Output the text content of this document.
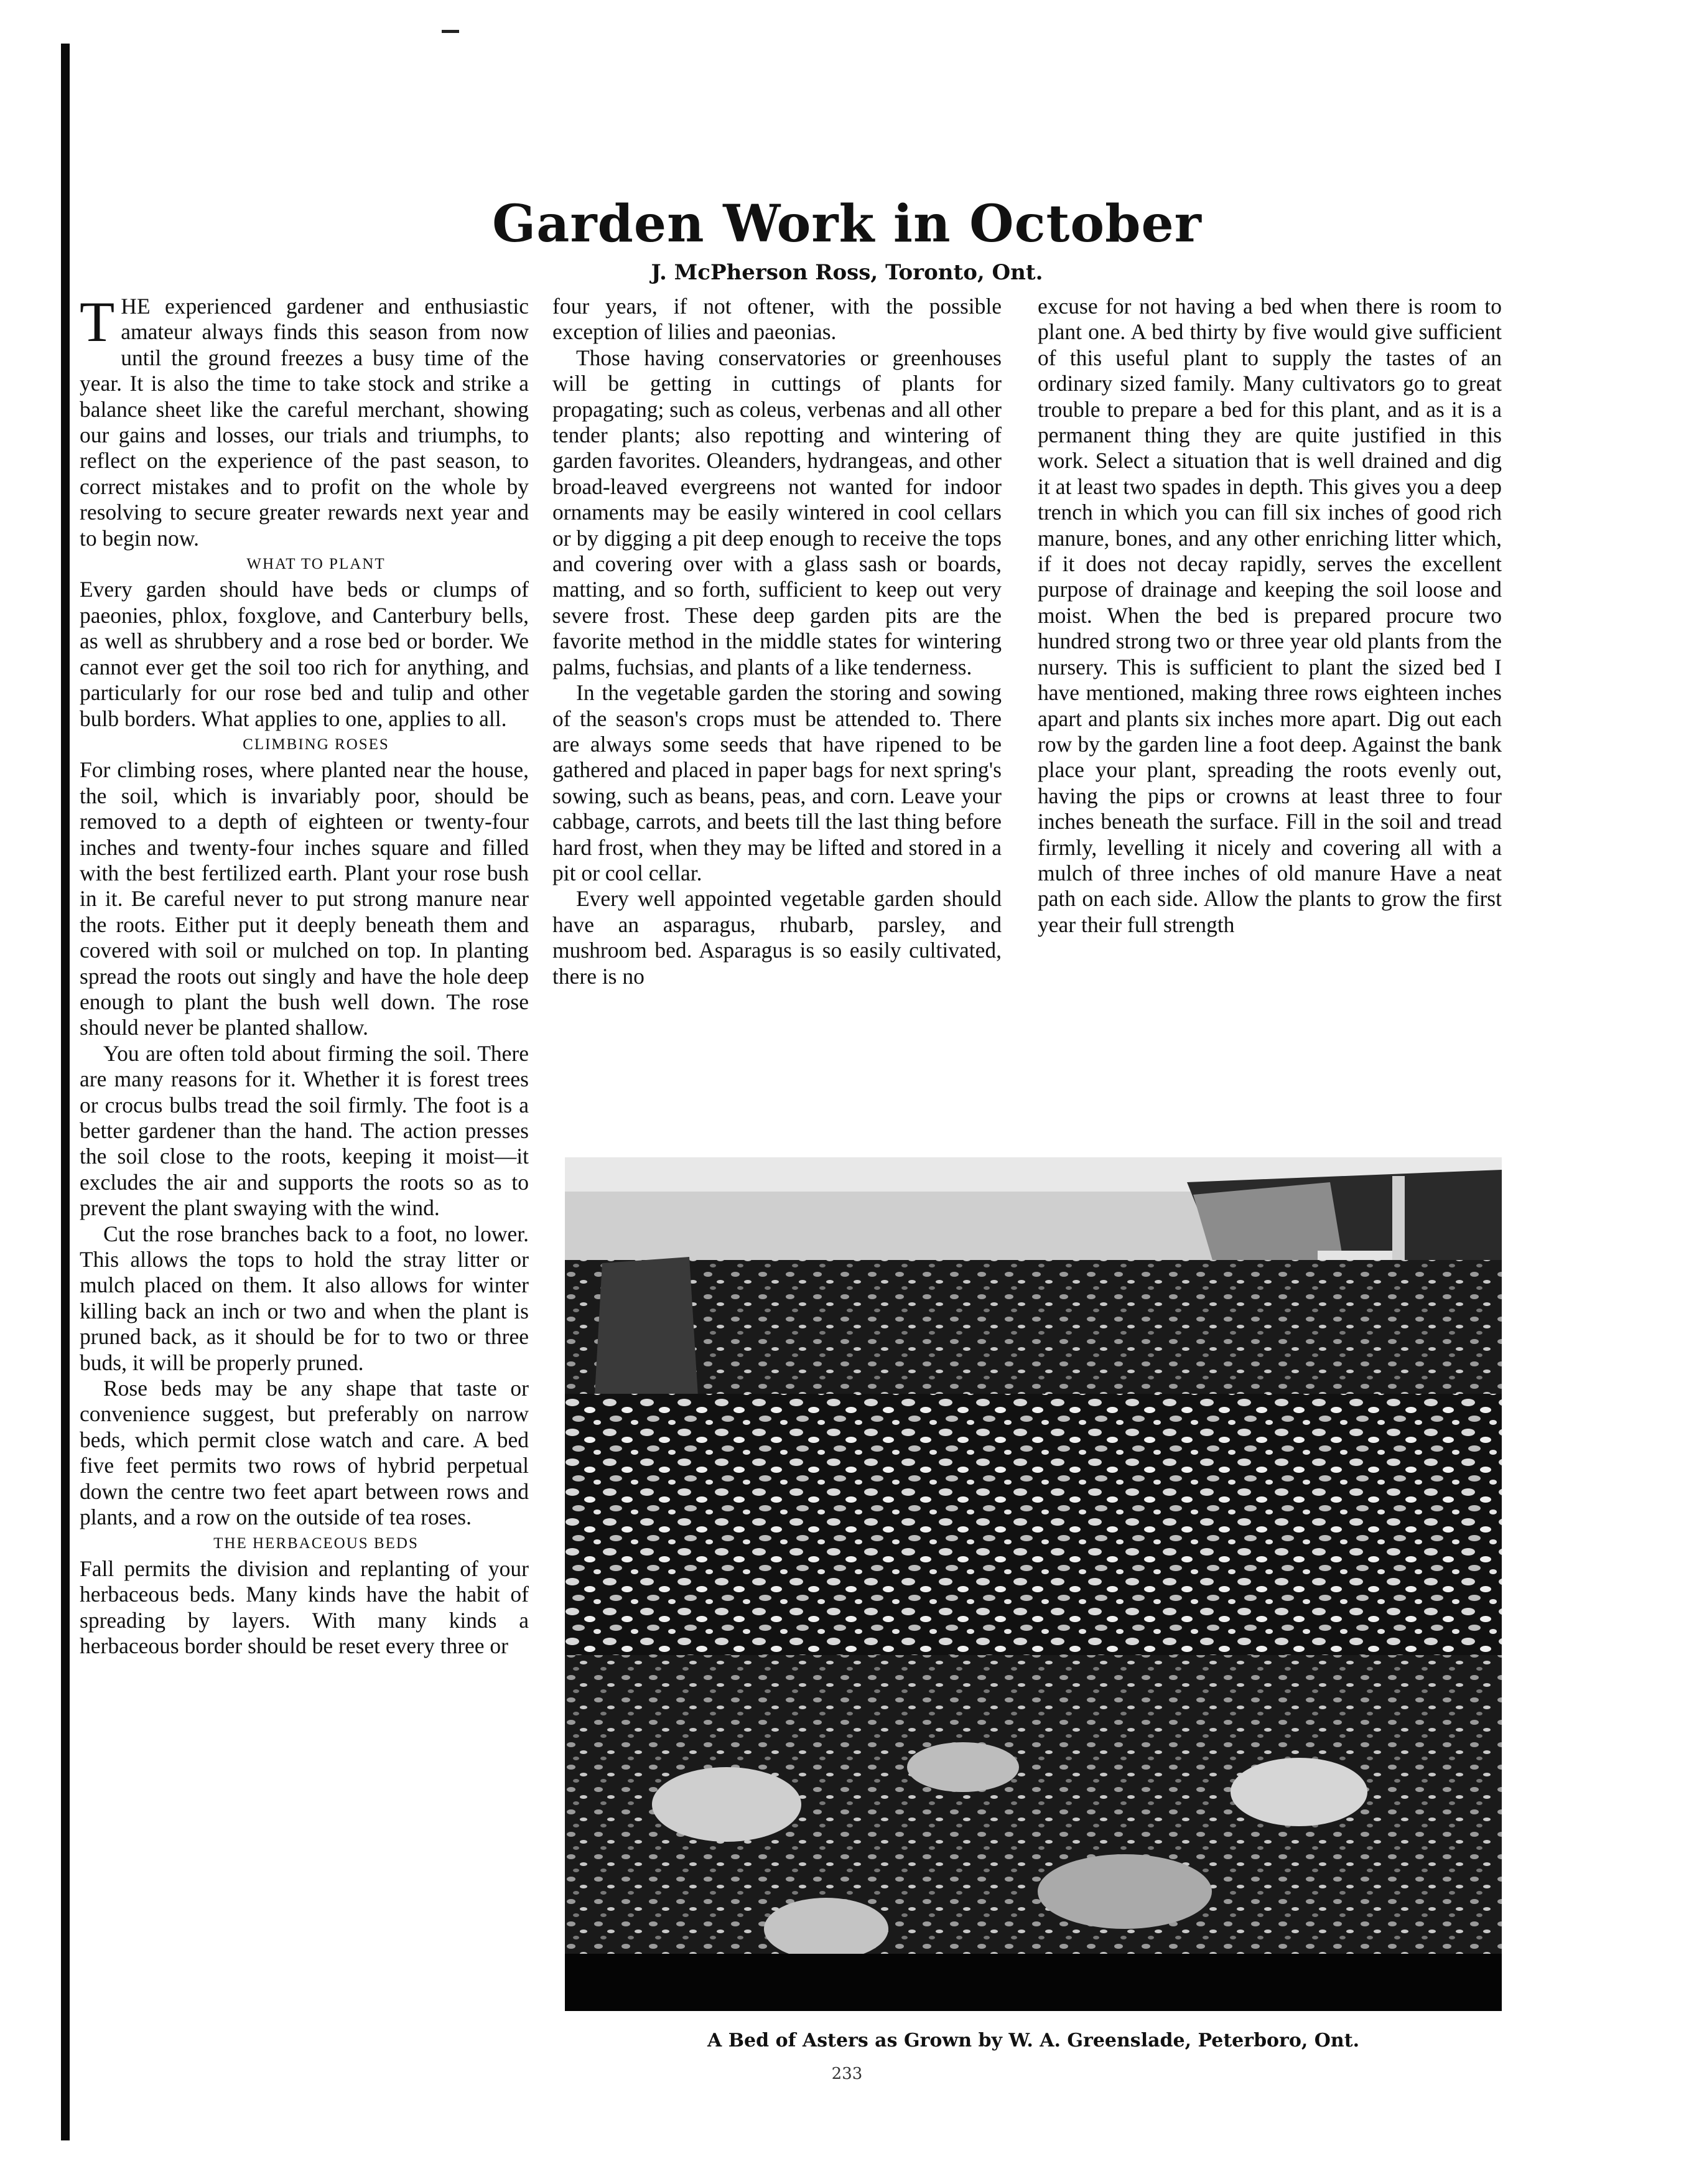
Garden Work in October

J. McPherson Ross, Toronto, Ont.

THE experienced gardener and enthusiastic amateur always finds this season from now until the ground freezes a busy time of the year. It is also the time to take stock and strike a balance sheet like the careful merchant, showing our gains and losses, our trials and triumphs, to reflect on the experience of the past season, to correct mistakes and to profit on the whole by resolving to secure greater rewards next year and to begin now.

WHAT TO PLANT

Every garden should have beds or clumps of paeonies, phlox, foxglove, and Canterbury bells, as well as shrubbery and a rose bed or border. We cannot ever get the soil too rich for anything, and particularly for our rose bed and tulip and other bulb borders. What applies to one, applies to all.

CLIMBING ROSES

For climbing roses, where planted near the house, the soil, which is invariably poor, should be removed to a depth of eighteen or twenty-four inches and twenty-four inches square and filled with the best fertilized earth. Plant your rose bush in it. Be careful never to put strong manure near the roots. Either put it deeply beneath them and covered with soil or mulched on top. In planting spread the roots out singly and have the hole deep enough to plant the bush well down. The rose should never be planted shallow.

You are often told about firming the soil. There are many reasons for it. Whether it is forest trees or crocus bulbs tread the soil firmly. The foot is a better gardener than the hand. The action presses the soil close to the roots, keeping it moist—it excludes the air and supports the roots so as to prevent the plant swaying with the wind.

Cut the rose branches back to a foot, no lower. This allows the tops to hold the stray litter or mulch placed on them. It also allows for winter killing back an inch or two and when the plant is pruned back, as it should be for to two or three buds, it will be properly pruned.

Rose beds may be any shape that taste or convenience suggest, but preferably on narrow beds, which permit close watch and care. A bed five feet permits two rows of hybrid perpetual down the centre two feet apart between rows and plants, and a row on the outside of tea roses.

THE HERBACEOUS BEDS

Fall permits the division and replanting of your herbaceous beds. Many kinds have the habit of spreading by layers. With many kinds a herbaceous border should be reset every three or

four years, if not oftener, with the possible exception of lilies and paeonias.

Those having conservatories or greenhouses will be getting in cuttings of plants for propagating; such as coleus, verbenas and all other tender plants; also repotting and wintering of garden favorites. Oleanders, hydrangeas, and other broad-leaved evergreens not wanted for indoor ornaments may be easily wintered in cool cellars or by digging a pit deep enough to receive the tops and covering over with a glass sash or boards, matting, and so forth, sufficient to keep out very severe frost. These deep garden pits are the favorite method in the middle states for wintering palms, fuchsias, and plants of a like tenderness.

In the vegetable garden the storing and sowing of the season's crops must be attended to. There are always some seeds that have ripened to be gathered and placed in paper bags for next spring's sowing, such as beans, peas, and corn. Leave your cabbage, carrots, and beets till the last thing before hard frost, when they may be lifted and stored in a pit or cool cellar.

Every well appointed vegetable garden should have an asparagus, rhubarb, parsley, and mushroom bed. Asparagus is so easily cultivated, there is no

excuse for not having a bed when there is room to plant one. A bed thirty by five would give sufficient of this useful plant to supply the tastes of an ordinary sized family. Many cultivators go to great trouble to prepare a bed for this plant, and as it is a permanent thing they are quite justified in this work. Select a situation that is well drained and dig it at least two spades in depth. This gives you a deep trench in which you can fill six inches of good rich manure, bones, and any other enriching litter which, if it does not decay rapidly, serves the excellent purpose of drainage and keeping the soil loose and moist. When the bed is prepared procure two hundred strong two or three year old plants from the nursery. This is sufficient to plant the sized bed I have mentioned, making three rows eighteen inches apart and plants six inches more apart. Dig out each row by the garden line a foot deep. Against the bank place your plant, spreading the roots evenly out, having the pips or crowns at least three to four inches beneath the surface. Fill in the soil and tread firmly, levelling it nicely and covering all with a mulch of three inches of old manure Have a neat path on each side. Allow the plants to grow the first year their full strength

A Bed of Asters as Grown by W. A. Greenslade, Peterboro, Ont.

233
